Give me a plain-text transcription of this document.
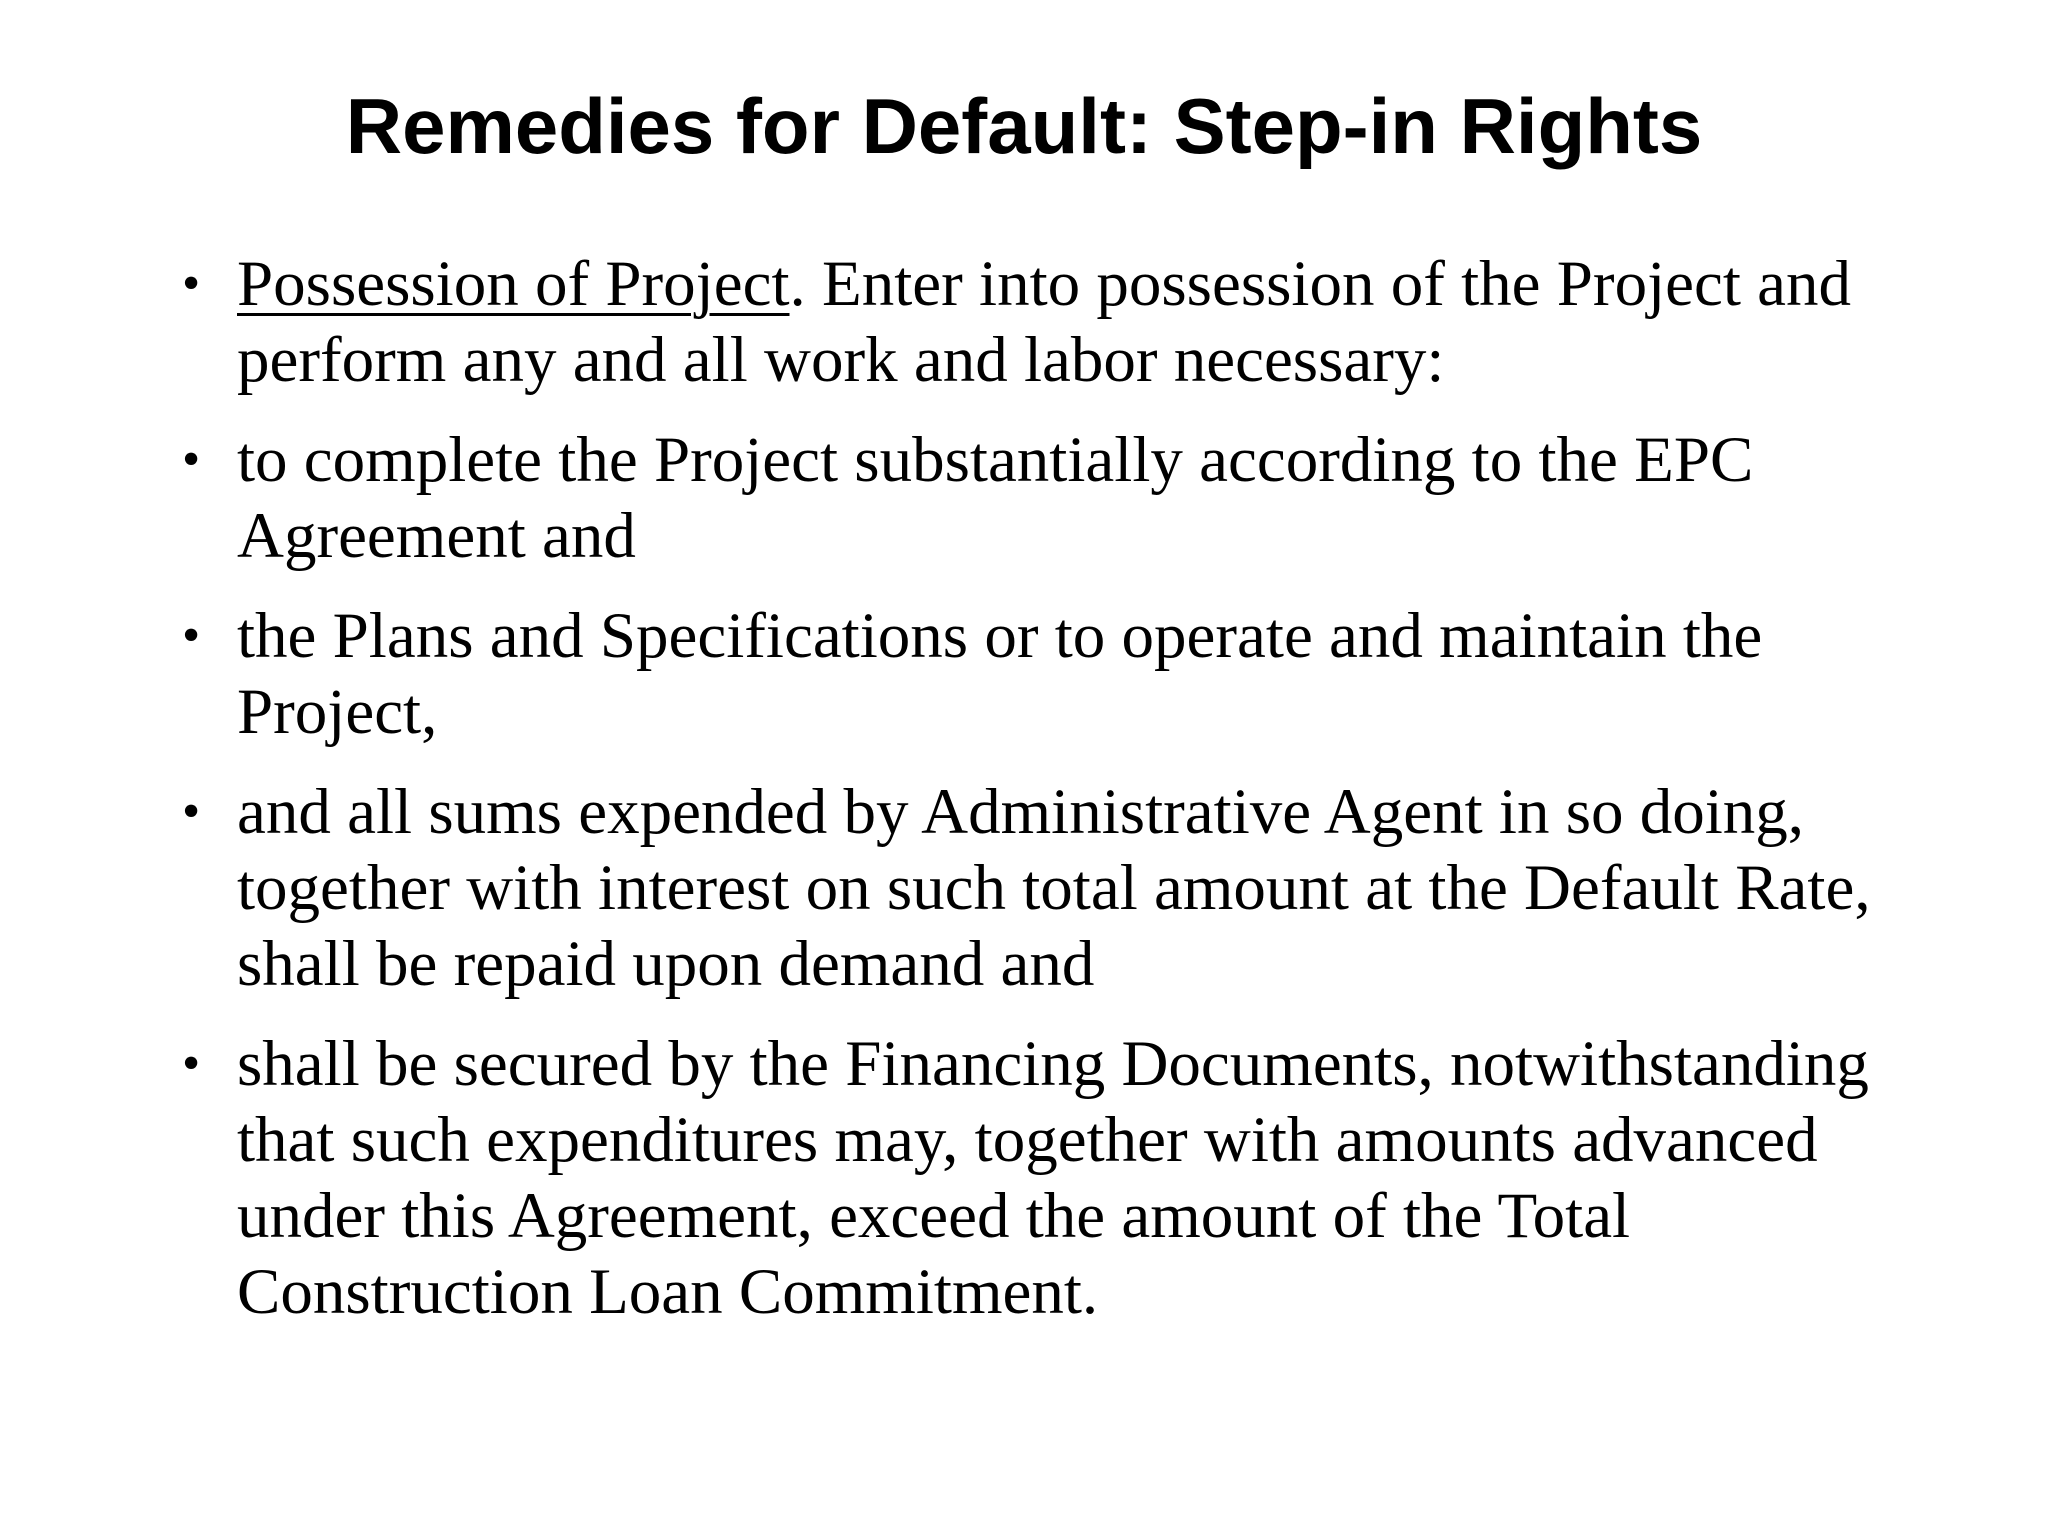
Remedies for Default: Step-in Rights
• Possession of Project. Enter into possession of the Project and perform any and all work and labor necessary:
• to complete the Project substantially according to the EPC Agreement and
• the Plans and Specifications or to operate and maintain the Project,
• and all sums expended by Administrative Agent in so doing, together with interest on such total amount at the Default Rate, shall be repaid upon demand and
• shall be secured by the Financing Documents, notwithstanding that such expenditures may, together with amounts advanced under this Agreement, exceed the amount of the Total Construction Loan Commitment.
